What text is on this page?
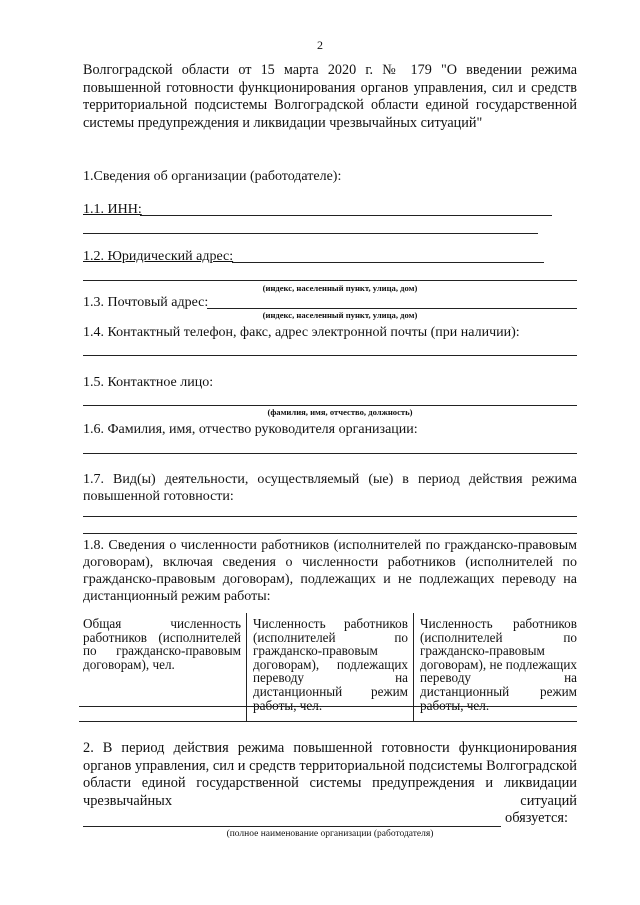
2
Волгоградской области от 15 марта 2020 г. № 179 "О введении режима повышенной готовности функционирования органов управления, сил и средств территориальной подсистемы Волгоградской области единой государственной системы предупреждения и ликвидации чрезвычайных ситуаций"
1.Сведения об организации (работодателе):
1.1. ИНН:
1.2. Юридический адрес:
(индекс, населенный пункт, улица, дом)
1.3. Почтовый адрес:
(индекс, населенный пункт, улица, дом)
1.4. Контактный телефон, факс, адрес электронной почты (при наличии):
1.5. Контактное лицо:
(фамилия, имя, отчество, должность)
1.6. Фамилия, имя, отчество руководителя организации:
1.7. Вид(ы) деятельности, осуществляемый (ые) в период действия режима повышенной готовности:
1.8. Сведения о численности работников (исполнителей по гражданско-правовым договорам), включая сведения о численности работников (исполнителей по гражданско-правовым договорам), подлежащих и не подлежащих переводу на дистанционный режим работы:
Общая численность работников (исполнителей по гражданско-правовым договорам), чел.
Численность работников (исполнителей по гражданско-правовым договорам), подлежащих переводу на дистанционный режим работы, чел.
Численность работников (исполнителей по гражданско-правовым договорам), не подлежащих переводу на дистанционный режим работы, чел.
2. В период действия режима повышенной готовности функционирования органов управления, сил и средств территориальной подсистемы Волгоградской области единой государственной системы предупреждения и ликвидации чрезвычайных ситуаций
обязуется:
(полное наименование организации (работодателя)
